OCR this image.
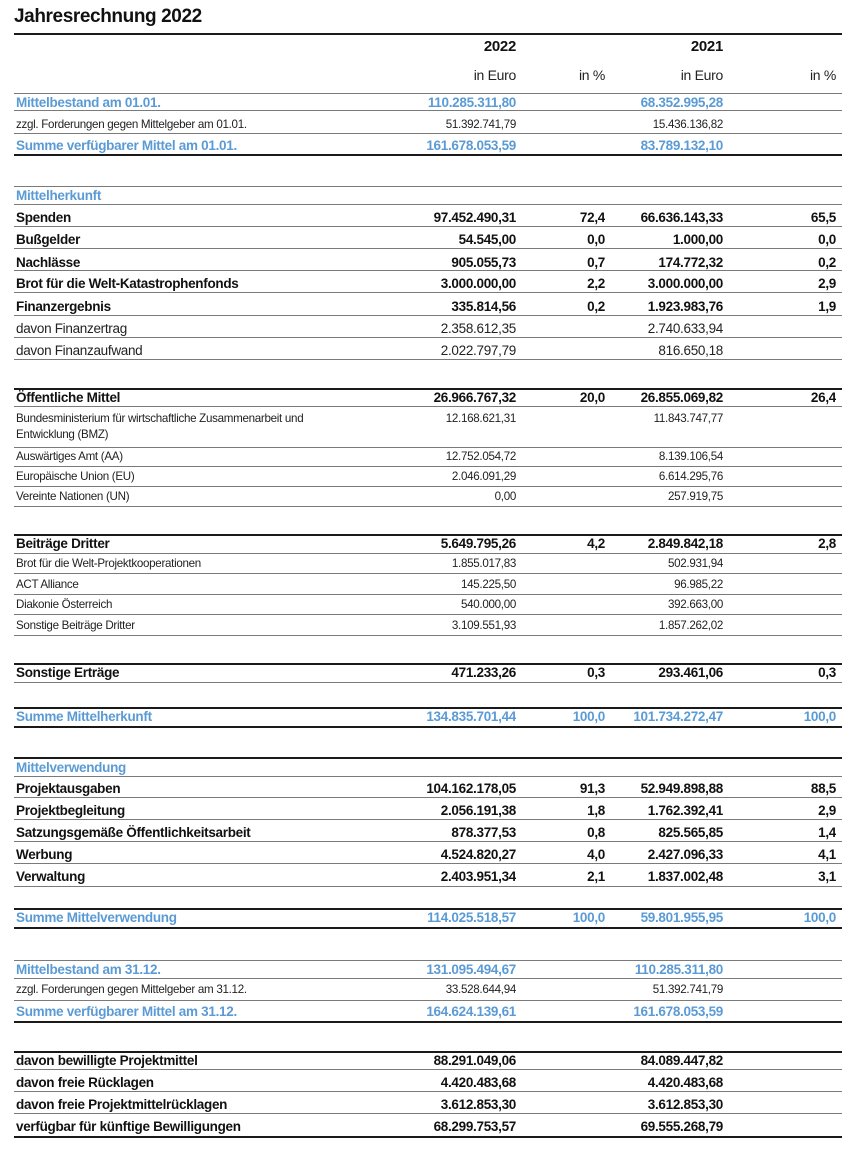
Jahresrechnung 2022
2022	2021
in Euro	in %	in Euro	in %
Mittelbestand am 01.01.	110.285.311,80	68.352.995,28
zzgl. Forderungen gegen Mittelgeber am 01.01.	51.392.741,79	15.436.136,82
Summe verfügbarer Mittel am 01.01.	161.678.053,59	83.789.132,10
Mittelherkunft
Spenden	97.452.490,31	72,4	66.636.143,33	65,5
Bußgelder	54.545,00	0,0	1.000,00	0,0
Nachlässe	905.055,73	0,7	174.772,32	0,2
Brot für die Welt-Katastrophenfonds	3.000.000,00	2,2	3.000.000,00	2,9
Finanzergebnis	335.814,56	0,2	1.923.983,76	1,9
davon Finanzertrag	2.358.612,35	2.740.633,94
davon Finanzaufwand	2.022.797,79	816.650,18
Öffentliche Mittel	26.966.767,32	20,0	26.855.069,82	26,4
Bundesministerium für wirtschaftliche Zusammenarbeit und	12.168.621,31	11.843.747,77
Entwicklung (BMZ)
Auswärtiges Amt (AA)	12.752.054,72	8.139.106,54
Europäische Union (EU)	2.046.091,29	6.614.295,76
Vereinte Nationen (UN)	0,00	257.919,75
Beiträge Dritter	5.649.795,26	4,2	2.849.842,18	2,8
Brot für die Welt-Projektkooperationen	1.855.017,83	502.931,94
ACT Alliance	145.225,50	96.985,22
Diakonie Österreich	540.000,00	392.663,00
Sonstige Beiträge Dritter	3.109.551,93	1.857.262,02
Sonstige Erträge	471.233,26	0,3	293.461,06	0,3
Summe Mittelherkunft	134.835.701,44	100,0	101.734.272,47	100,0
Mittelverwendung
Projektausgaben	104.162.178,05	91,3	52.949.898,88	88,5
Projektbegleitung	2.056.191,38	1,8	1.762.392,41	2,9
Satzungsgemäße Öffentlichkeitsarbeit	878.377,53	0,8	825.565,85	1,4
Werbung	4.524.820,27	4,0	2.427.096,33	4,1
Verwaltung	2.403.951,34	2,1	1.837.002,48	3,1
Summe Mittelverwendung	114.025.518,57	100,0	59.801.955,95	100,0
Mittelbestand am 31.12.	131.095.494,67	110.285.311,80
zzgl. Forderungen gegen Mittelgeber am 31.12.	33.528.644,94	51.392.741,79
Summe verfügbarer Mittel am 31.12.	164.624.139,61	161.678.053,59
davon bewilligte Projektmittel	88.291.049,06	84.089.447,82
davon freie Rücklagen	4.420.483,68	4.420.483,68
davon freie Projektmittelrücklagen	3.612.853,30	3.612.853,30
verfügbar für künftige Bewilligungen	68.299.753,57	69.555.268,79
